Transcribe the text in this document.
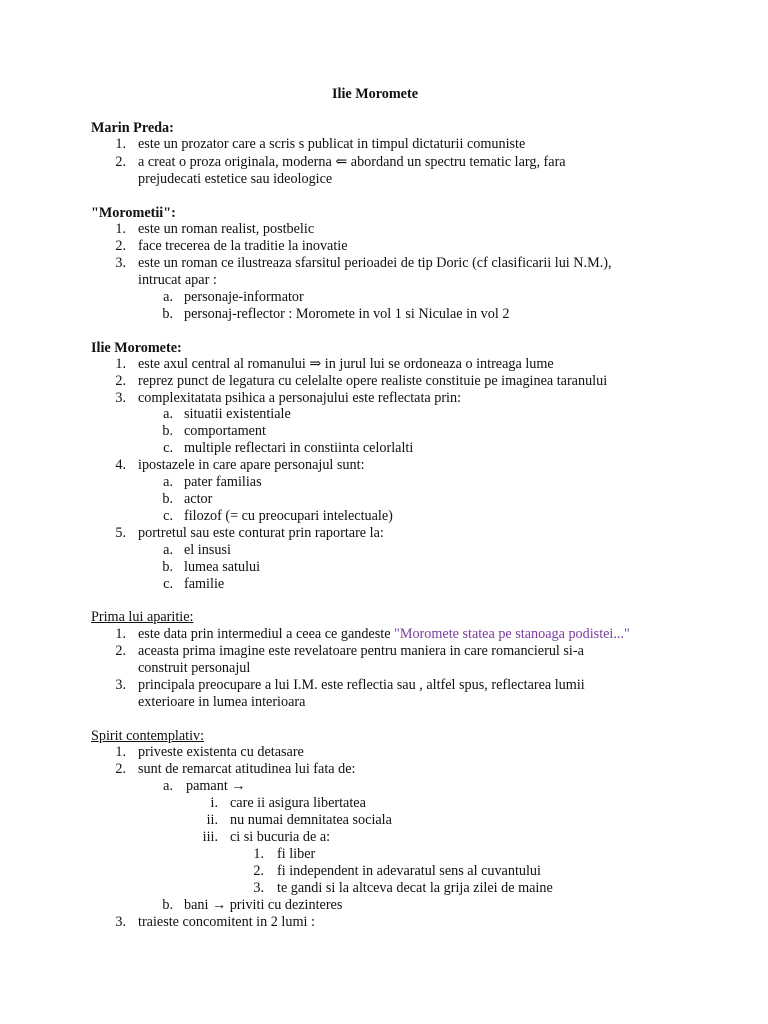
Ilie Moromete
Marin Preda:
1. este un prozator care a scris s publicat in timpul dictaturii comuniste
2. a creat o proza originala, moderna ⇐ abordand un spectru tematic larg, fara
prejudecati estetice sau ideologice
"Morometii":
1. este un roman realist, postbelic
2. face trecerea de la traditie la inovatie
3. este un roman ce ilustreaza sfarsitul perioadei de tip Doric (cf clasificarii lui N.M.),
intrucat apar :
a. personaje-informator
b. personaj-reflector : Moromete in vol 1 si Niculae in vol 2
Ilie Moromete:
1. este axul central al romanului ⇒ in jurul lui se ordoneaza o intreaga lume
2. reprez punct de legatura cu celelalte opere realiste constituie pe imaginea taranului
3. complexitatata psihica a personajului este reflectata prin:
a. situatii existentiale
b. comportament
c. multiple reflectari in constiinta celorlalti
4. ipostazele in care apare personajul sunt:
a. pater familias
b. actor
c. filozof (= cu preocupari intelectuale)
5. portretul sau este conturat prin raportare la:
a. el insusi
b. lumea satului
c. familie
Prima lui aparitie:
1. este data prin intermediul a ceea ce gandeste "Moromete statea pe stanoaga podistei..."
2. aceasta prima imagine este revelatoare pentru maniera in care romancierul si-a
construit personajul
3. principala preocupare a lui I.M. este reflectia sau , altfel spus, reflectarea lumii
exterioare in lumea interioara
Spirit contemplativ:
1. priveste existenta cu detasare
2. sunt de remarcat atitudinea lui fata de:
a. pamant →
i. care ii asigura libertatea
ii. nu numai demnitatea sociala
iii. ci si bucuria de a:
1. fi liber
2. fi independent in adevaratul sens al cuvantului
3. te gandi si la altceva decat la grija zilei de maine
b. bani → priviti cu dezinteres
3. traieste concomitent in 2 lumi :
